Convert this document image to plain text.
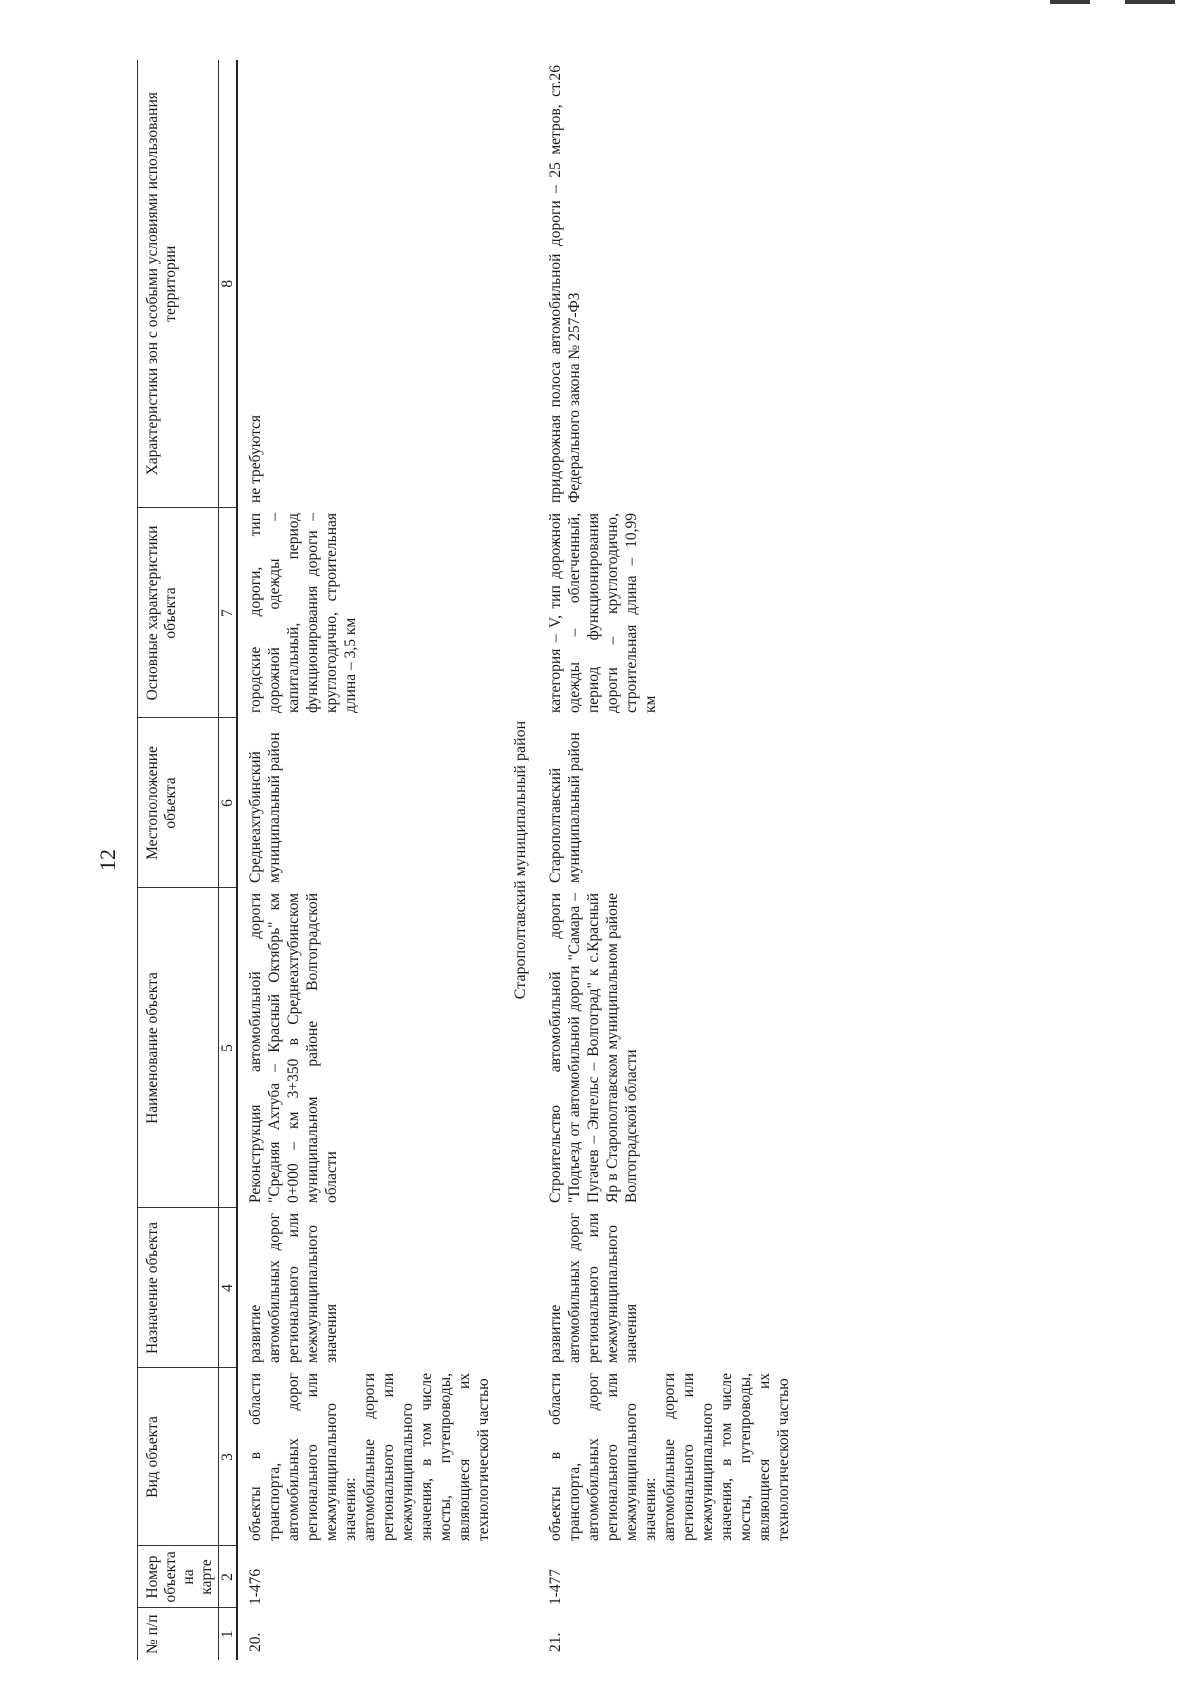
12
№ п/п	Номер объекта на карте	Вид объекта	Назначение объекта	Наименование объекта	Местоположение объекта	Основные характеристики объекта	Характеристики зон с особыми условиями использования территории
1	2	3	4	5	6	7	8
20.	1-476	объекты в области транспорта, автомобильных дорог регионального или межмуниципального значения: автомобильные дороги регионального или межмуниципального значения, в том числе мосты, путепроводы, являющиеся их технологической частью	развитие автомобильных дорог регионального или межмуниципального значения	Реконструкция автомобильной дороги "Средняя Ахтуба – Красный Октябрь" км 0+000 – км 3+350 в Среднеахтубинском муниципальном районе Волгоградской области	Среднеахтубинский муниципальный район	городские дороги, тип дорожной одежды – капитальный, период функционирования дороги – круглогодично, строительная длина – 3,5 км	не требуются
Старополтавский муниципальный район							
21.	1-477	объекты в области транспорта, автомобильных дорог регионального или межмуниципального значения: автомобильные дороги регионального или межмуниципального значения, в том числе мосты, путепроводы, являющиеся их технологической частью	развитие автомобильных дорог регионального или межмуниципального значения	Строительство автомобильной дороги "Подъезд от автомобильной дороги "Самара – Пугачев – Энгельс – Волгоград" к с.Красный Яр в Старополтавском муниципальном районе Волгоградской области	Старополтавский муниципальный район	категория – V, тип дорожной одежды – облегченный, период функционирования дороги – круглогодично, строительная длина – 10,99 км	придорожная полоса автомобильной дороги – 25 метров, ст.26 Федерального закона № 257-ФЗ
